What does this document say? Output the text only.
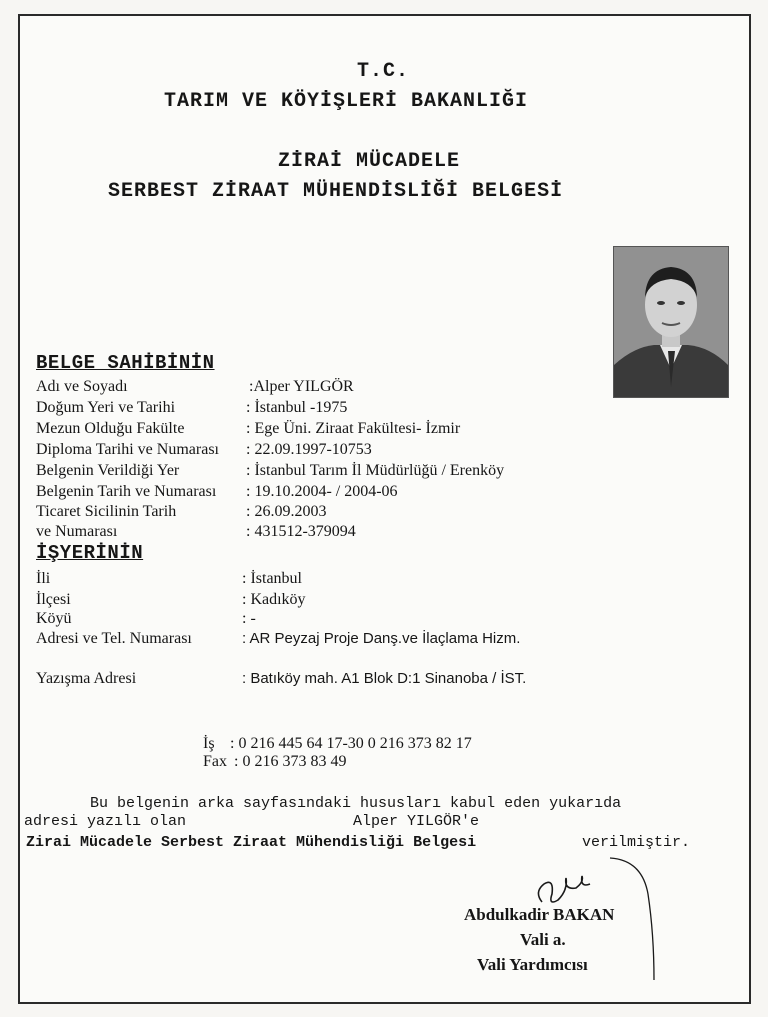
T.C.
TARIM VE KÖYİŞLERİ BAKANLIĞI
ZİRAİ MÜCADELE
SERBEST ZİRAAT MÜHENDİSLİĞİ BELGESİ
BELGE SAHİBİNİN
Adı ve Soyadı	:Alper YILGÖR
Doğum Yeri ve Tarihi	: İstanbul -1975
Mezun Olduğu Fakülte	: Ege Üni. Ziraat Fakültesi- İzmir
Diploma Tarihi ve Numarası : 22.09.1997-10753
Belgenin Verildiği Yer	: İstanbul Tarım İl Müdürlüğü / Erenköy
Belgenin Tarih ve Numarası : 19.10.2004- / 2004-06
Ticaret Sicilinin Tarih	: 26.09.2003
ve Numarası	: 431512-379094
İŞYERİNİN
İli	: İstanbul
İlçesi	: Kadıköy
Köyü	: -
Adresi ve Tel. Numarası	: AR Peyzaj Proje Danş.ve İlaçlama Hizm.
Yazışma Adresi	: Batıköy mah. A1 Blok D:1 Sinanoba / İST.
İş : 0 216 445 64 17-30 0 216 373 82 17
Fax : 0 216 373 83 49
Bu belgenin arka sayfasındaki hususları kabul eden yukarıda
adresi yazılı olan	Alper YILGÖR'e
Zirai Mücadele Serbest Ziraat Mühendisliği Belgesi	verilmiştir.
Abdulkadir BAKAN
Vali a.
Vali Yardımcısı
